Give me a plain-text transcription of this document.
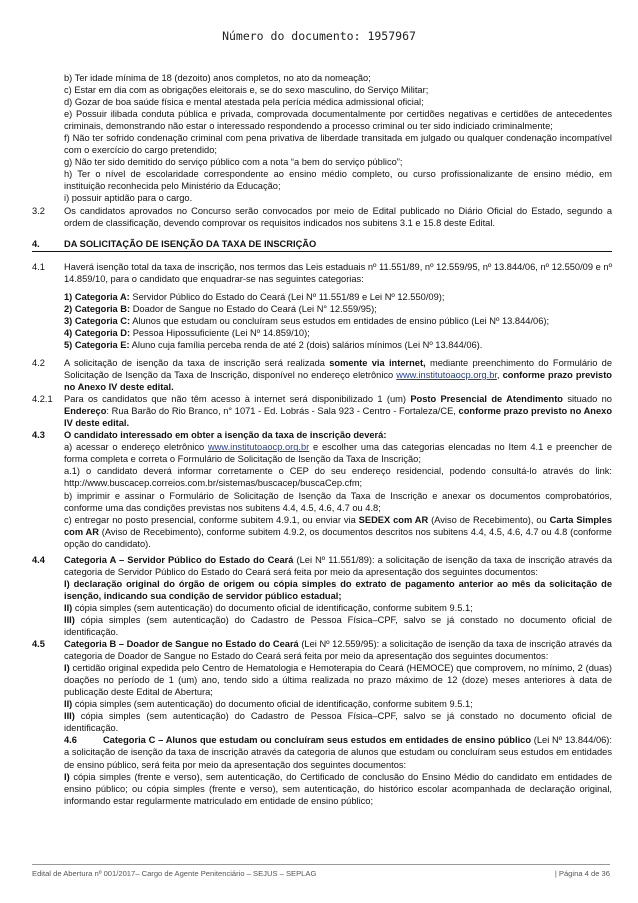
Número do documento: 1957967

b) Ter idade mínima de 18 (dezoito) anos completos, no ato da nomeação;

c) Estar em dia com as obrigações eleitorais e, se do sexo masculino, do Serviço Militar;

d) Gozar de boa saúde física e mental atestada pela perícia médica admissional oficial;

e) Possuir ilibada conduta pública e privada, comprovada documentalmente por certidões negativas e certidões de antecedentes criminais, demonstrando não estar o interessado respondendo a processo criminal ou ter sido indiciado criminalmente;

f) Não ter sofrido condenação criminal com pena privativa de liberdade transitada em julgado ou qualquer condenação incompatível com o exercício do cargo pretendido;

g) Não ter sido demitido do serviço público com a nota “a bem do serviço público”;

h) Ter o nível de escolaridade correspondente ao ensino médio completo, ou curso profissionalizante de ensino médio, em instituição reconhecida pelo Ministério da Educação;

i) possuir aptidão para o cargo.

3.2	Os candidatos aprovados no Concurso serão convocados por meio de Edital publicado no Diário Oficial do Estado, segundo a ordem de classificação, devendo comprovar os requisitos indicados nos subitens 3.1 e 15.8 deste Edital.
4.	DA SOLICITAÇÃO DE ISENÇÃO DA TAXA DE INSCRIÇÃO
4.1	Haverá isenção total da taxa de inscrição, nos termos das Leis estaduais nº 11.551/89, nº 12.559/95, nº 13.844/06, nº 12.550/09 e nº 14.859/10, para o candidato que enquadrar-se nas seguintes categorias:

1) Categoria A: Servidor Público do Estado do Ceará (Lei Nº 11.551/89 e Lei Nº 12.550/09);

2) Categoria B: Doador de Sangue no Estado do Ceará (Lei N° 12.559/95);

3) Categoria C: Alunos que estudam ou concluíram seus estudos em entidades de ensino público (Lei Nº 13.844/06);

4) Categoria D: Pessoa Hipossuficiente (Lei Nº 14.859/10);

5) Categoria E: Aluno cuja família perceba renda de até 2 (dois) salários mínimos (Lei Nº 13.844/06).

4.2	A solicitação de isenção da taxa de inscrição será realizada somente via internet, mediante preenchimento do Formulário de Solicitação de Isenção da Taxa de Inscrição, disponível no endereço eletrônico www.institutoaocp.org.br, conforme prazo previsto no Anexo IV deste edital.
4.2.1	Para os candidatos que não têm acesso à internet será disponibilizado 1 (um) Posto Presencial de Atendimento situado no Endereço: Rua Barão do Rio Branco, n° 1071 - Ed. Lobrás - Sala 923 - Centro - Fortaleza/CE, conforme prazo previsto no Anexo IV deste edital.
4.3	O candidato interessado em obter a isenção da taxa de inscrição deverá:

a) acessar o endereço eletrônico www.institutoaocp.org.br e escolher uma das categorias elencadas no Item 4.1 e preencher de forma completa e correta o Formulário de Solicitação de Isenção da Taxa de Inscrição;

a.1) o candidato deverá informar corretamente o CEP do seu endereço residencial, podendo consultá-lo através do link: http://www.buscacep.correios.com.br/sistemas/buscacep/buscaCep.cfm;

b) imprimir e assinar o Formulário de Solicitação de Isenção da Taxa de Inscrição e anexar os documentos comprobatórios, conforme uma das condições previstas nos subitens 4.4, 4.5, 4.6, 4.7 ou 4.8;

c) entregar no posto presencial, conforme subitem 4.9.1, ou enviar via SEDEX com AR (Aviso de Recebimento), ou Carta Simples com AR (Aviso de Recebimento), conforme subitem 4.9.2, os documentos descritos nos subitens 4.4, 4.5, 4.6, 4.7 ou 4.8 (conforme opção do candidato).

4.4	Categoria A – Servidor Público do Estado do Ceará (Lei Nº 11.551/89): a solicitação de isenção da taxa de inscrição através da categoria de Servidor Público do Estado do Ceará será feita por meio da apresentação dos seguintes documentos:

I) declaração original do órgão de origem ou cópia simples do extrato de pagamento anterior ao mês da solicitação de isenção, indicando sua condição de servidor público estadual;

II) cópia simples (sem autenticação) do documento oficial de identificação, conforme subitem 9.5.1;

III) cópia simples (sem autenticação) do Cadastro de Pessoa Física–CPF, salvo se já constado no documento oficial de identificação.

4.5	Categoria B – Doador de Sangue no Estado do Ceará (Lei Nº 12.559/95): a solicitação de isenção da taxa de inscrição através da categoria de Doador de Sangue no Estado do Ceará será feita por meio da apresentação dos seguintes documentos:

I) certidão original expedida pelo Centro de Hematologia e Hemoterapia do Ceará (HEMOCE) que comprovem, no mínimo, 2 (duas) doações no período de 1 (um) ano, tendo sido a última realizada no prazo máximo de 12 (doze) meses anteriores à data de publicação deste Edital de Abertura;

II) cópia simples (sem autenticação) do documento oficial de identificação, conforme subitem 9.5.1;

III) cópia simples (sem autenticação) do Cadastro de Pessoa Física–CPF, salvo se já constado no documento oficial de identificação.

4.6	Categoria C – Alunos que estudam ou concluíram seus estudos em entidades de ensino público (Lei Nº 13.844/06): a solicitação de isenção da taxa de inscrição através da categoria de alunos que estudam ou concluíram seus estudos em entidades de ensino público, será feita por meio da apresentação dos seguintes documentos:

I) cópia simples (frente e verso), sem autenticação, do Certificado de conclusão do Ensino Médio do candidato em entidades de ensino público; ou cópia simples (frente e verso), sem autenticação, do histórico escolar acompanhada de declaração original, informando estar regularmente matriculado em entidade de ensino público;

Edital de Abertura nº 001/2017– Cargo de Agente Penitenciário – SEJUS – SEPLAG	| Página 4 de 36
